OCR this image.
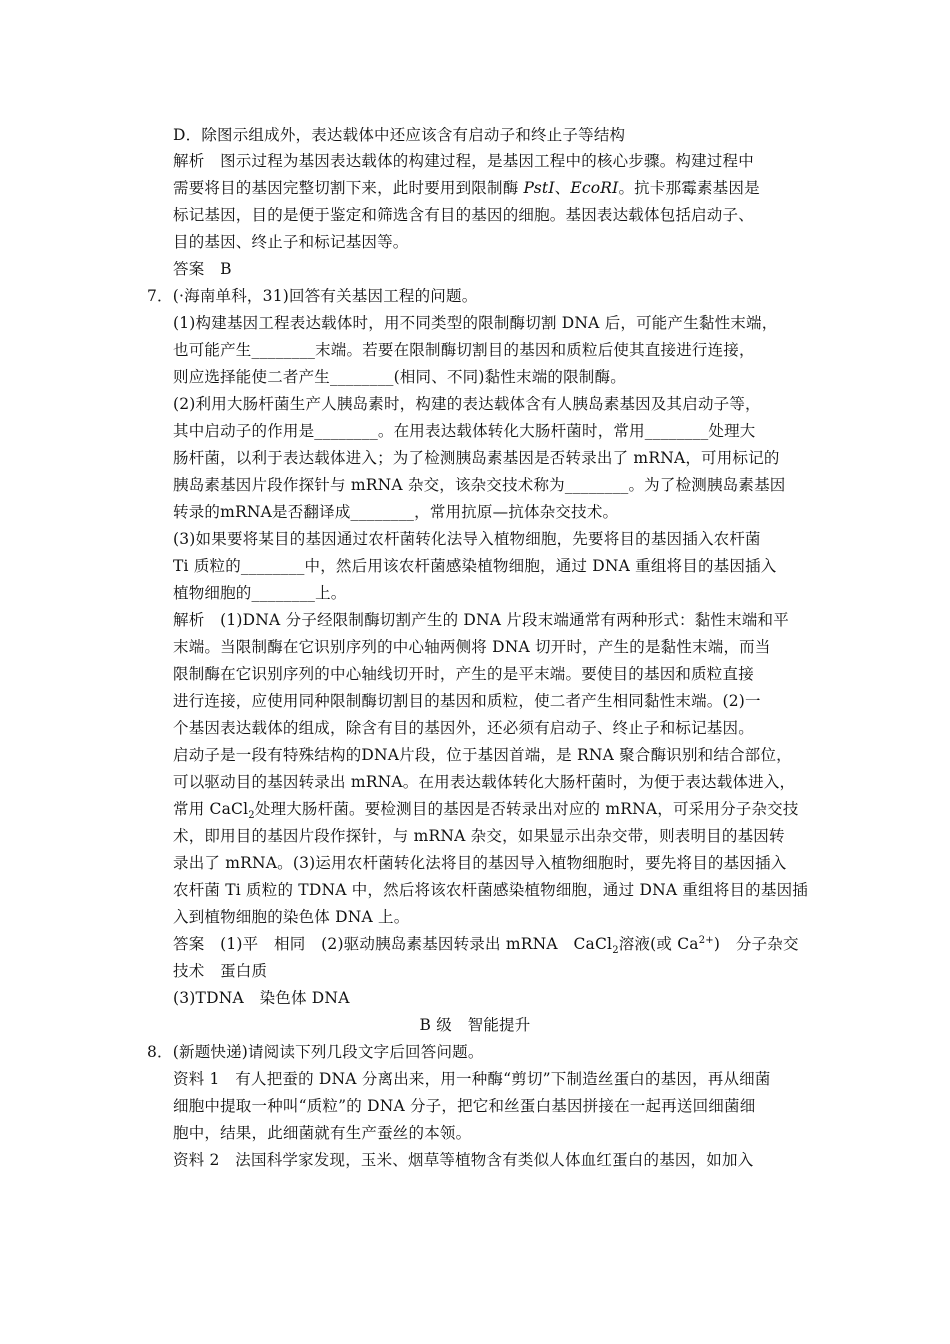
D．除图示组成外，表达载体中还应该含有启动子和终止子等结构
解析　图示过程为基因表达载体的构建过程，是基因工程中的核心步骤。构建过程中
需要将目的基因完整切割下来，此时要用到限制酶 PstⅠ、EcoRⅠ。抗卡那霉素基因是
标记基因，目的是便于鉴定和筛选含有目的基因的细胞。基因表达载体包括启动子、
目的基因、终止子和标记基因等。
答案　B
7．(·海南单科，31)回答有关基因工程的问题。
(1)构建基因工程表达载体时，用不同类型的限制酶切割 DNA 后，可能产生黏性末端，
也可能产生________末端。若要在限制酶切割目的基因和质粒后使其直接进行连接，
则应选择能使二者产生________(相同、不同)黏性末端的限制酶。
(2)利用大肠杆菌生产人胰岛素时，构建的表达载体含有人胰岛素基因及其启动子等，
其中启动子的作用是________。在用表达载体转化大肠杆菌时，常用________处理大
肠杆菌，以利于表达载体进入；为了检测胰岛素基因是否转录出了 mRNA，可用标记的
胰岛素基因片段作探针与 mRNA 杂交，该杂交技术称为________。为了检测胰岛素基因
转录的mRNA是否翻译成________，常用抗原—抗体杂交技术。
(3)如果要将某目的基因通过农杆菌转化法导入植物细胞，先要将目的基因插入农杆菌
Ti 质粒的________中，然后用该农杆菌感染植物细胞，通过 DNA 重组将目的基因插入
植物细胞的________上。
解析　(1)DNA 分子经限制酶切割产生的 DNA 片段末端通常有两种形式：黏性末端和平
末端。当限制酶在它识别序列的中心轴两侧将 DNA 切开时，产生的是黏性末端，而当
限制酶在它识别序列的中心轴线切开时，产生的是平末端。要使目的基因和质粒直接
进行连接，应使用同种限制酶切割目的基因和质粒，使二者产生相同黏性末端。(2)一
个基因表达载体的组成，除含有目的基因外，还必须有启动子、终止子和标记基因。
启动子是一段有特殊结构的DNA片段，位于基因首端，是 RNA 聚合酶识别和结合部位，
可以驱动目的基因转录出 mRNA。在用表达载体转化大肠杆菌时，为便于表达载体进入，
常用 CaCl$_2$处理大肠杆菌。要检测目的基因是否转录出对应的 mRNA，可采用分子杂交技
术，即用目的基因片段作探针，与 mRNA 杂交，如果显示出杂交带，则表明目的基因转
录出了 mRNA。(3)运用农杆菌转化法将目的基因导入植物细胞时，要先将目的基因插入
农杆菌 Ti 质粒的 TDNA 中，然后将该农杆菌感染植物细胞，通过 DNA 重组将目的基因插
入到植物细胞的染色体 DNA 上。
答案　(1)平　相同　(2)驱动胰岛素基因转录出 mRNA　CaCl$_2$溶液(或 $Ca^{2+}$)　分子杂交
技术　蛋白质
(3)TDNA　染色体 DNA
B 级　智能提升
8．(新题快递)请阅读下列几段文字后回答问题。
资料 1　有人把蚕的 DNA 分离出来，用一种酶“剪切”下制造丝蛋白的基因，再从细菌
细胞中提取一种叫“质粒”的 DNA 分子，把它和丝蛋白基因拼接在一起再送回细菌细
胞中，结果，此细菌就有生产蚕丝的本领。
资料 2　法国科学家发现，玉米、烟草等植物含有类似人体血红蛋白的基因，如加入
